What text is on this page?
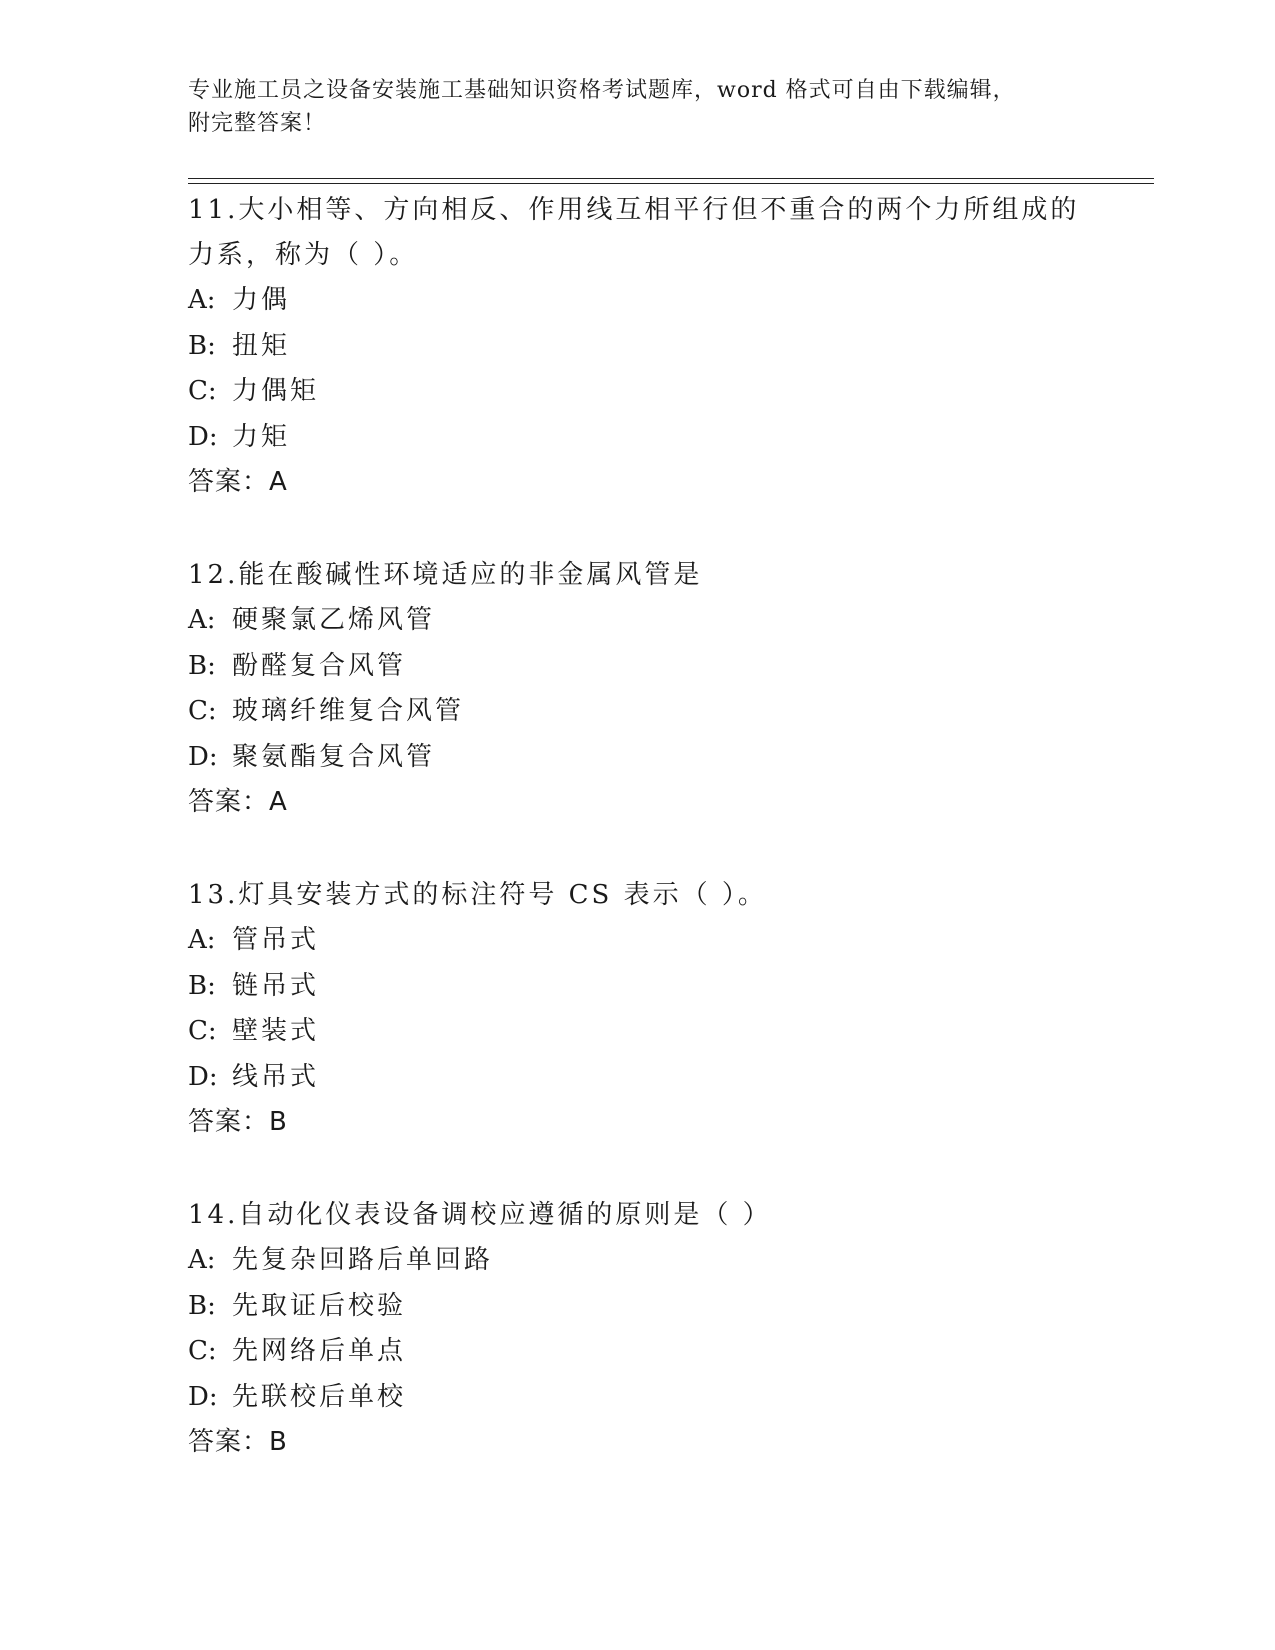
专业施工员之设备安装施工基础知识资格考试题库，word 格式可自由下载编辑，
附完整答案！
11.大小相等、方向相反、作用线互相平行但不重合的两个力所组成的
力系，称为（ ）。
A: 力偶
B: 扭矩
C: 力偶矩
D: 力矩
答案：A
12.能在酸碱性环境适应的非金属风管是
A: 硬聚氯乙烯风管
B: 酚醛复合风管
C: 玻璃纤维复合风管
D: 聚氨酯复合风管
答案：A
13.灯具安装方式的标注符号 CS 表示（ ）。
A: 管吊式
B: 链吊式
C: 壁装式
D: 线吊式
答案：B
14.自动化仪表设备调校应遵循的原则是（ ）
A: 先复杂回路后单回路
B: 先取证后校验
C: 先网络后单点
D: 先联校后单校
答案：B
